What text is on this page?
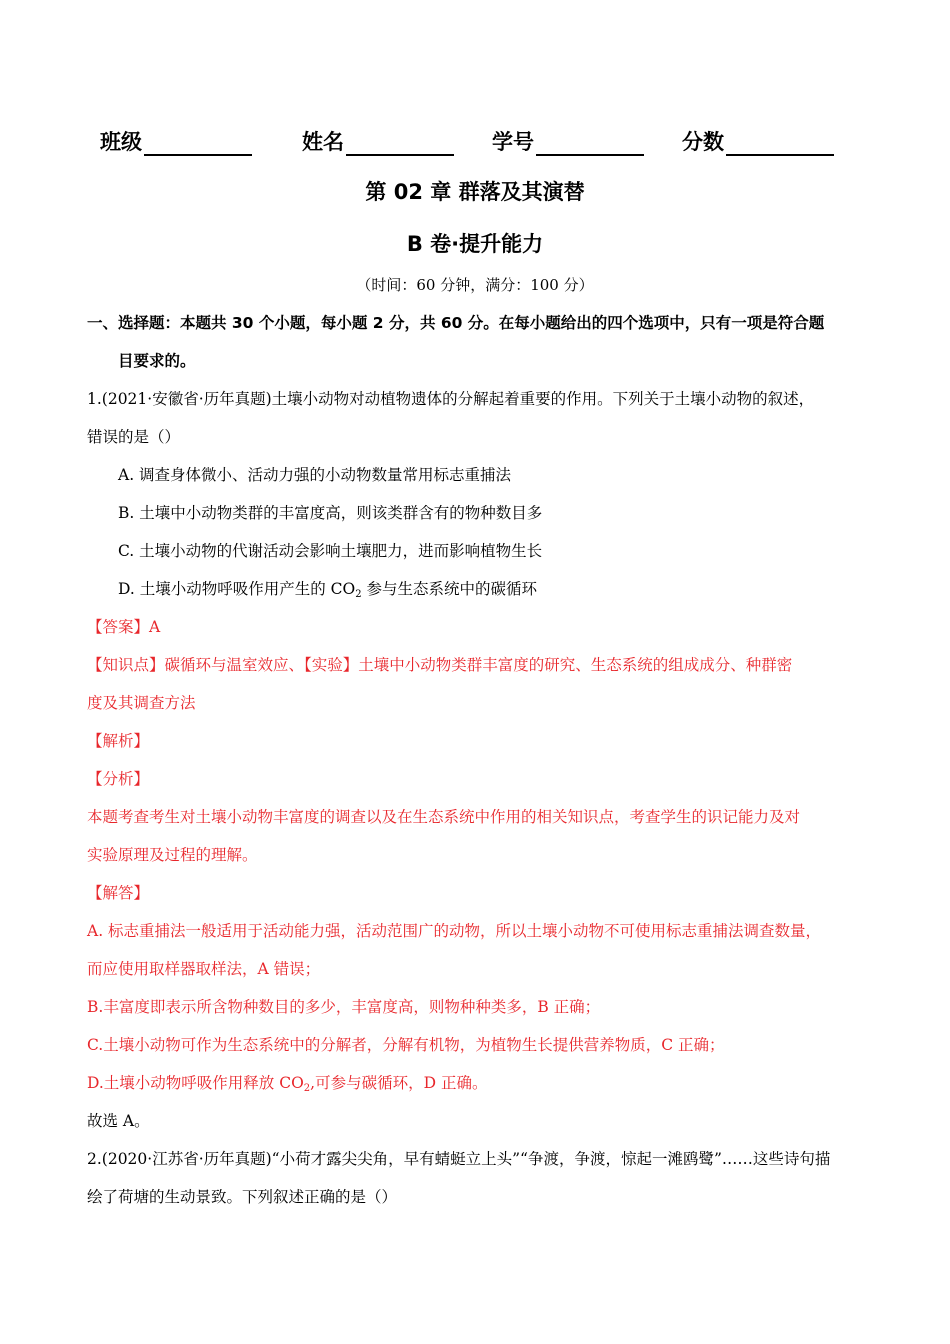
班级	姓名	学号	分数
第 02 章 群落及其演替
B 卷·提升能力
（时间：60 分钟，满分：100 分）
一、选择题：本题共 30 个小题，每小题 2 分，共 60 分。在每小题给出的四个选项中，只有一项是符合题
目要求的。
1.(2021·安徽省·历年真题)土壤小动物对动植物遗体的分解起着重要的作用。下列关于土壤小动物的叙述，
错误的是（）
A. 调查身体微小、活动力强的小动物数量常用标志重捕法
B. 土壤中小动物类群的丰富度高，则该类群含有的物种数目多
C. 土壤小动物的代谢活动会影响土壤肥力，进而影响植物生长
D. 土壤小动物呼吸作用产生的 $CO_2$ 参与生态系统中的碳循环
【答案】A
【知识点】碳循环与温室效应、【实验】土壤中小动物类群丰富度的研究、生态系统的组成成分、种群密
度及其调查方法
【解析】
【分析】
本题考查考生对土壤小动物丰富度的调查以及在生态系统中作用的相关知识点，考查学生的识记能力及对
实验原理及过程的理解。
【解答】
A. 标志重捕法一般适用于活动能力强，活动范围广的动物，所以土壤小动物不可使用标志重捕法调查数量，
而应使用取样器取样法，A 错误；
B.丰富度即表示所含物种数目的多少，丰富度高，则物种种类多，B 正确；
C.土壤小动物可作为生态系统中的分解者，分解有机物，为植物生长提供营养物质，C 正确；
D.土壤小动物呼吸作用释放 $CO_2$,可参与碳循环，D 正确。
故选 A。
2.(2020·江苏省·历年真题)“小荷才露尖尖角，早有蜻蜓立上头”“争渡，争渡，惊起一滩鸥鹭”……这些诗句描
绘了荷塘的生动景致。下列叙述正确的是（）
